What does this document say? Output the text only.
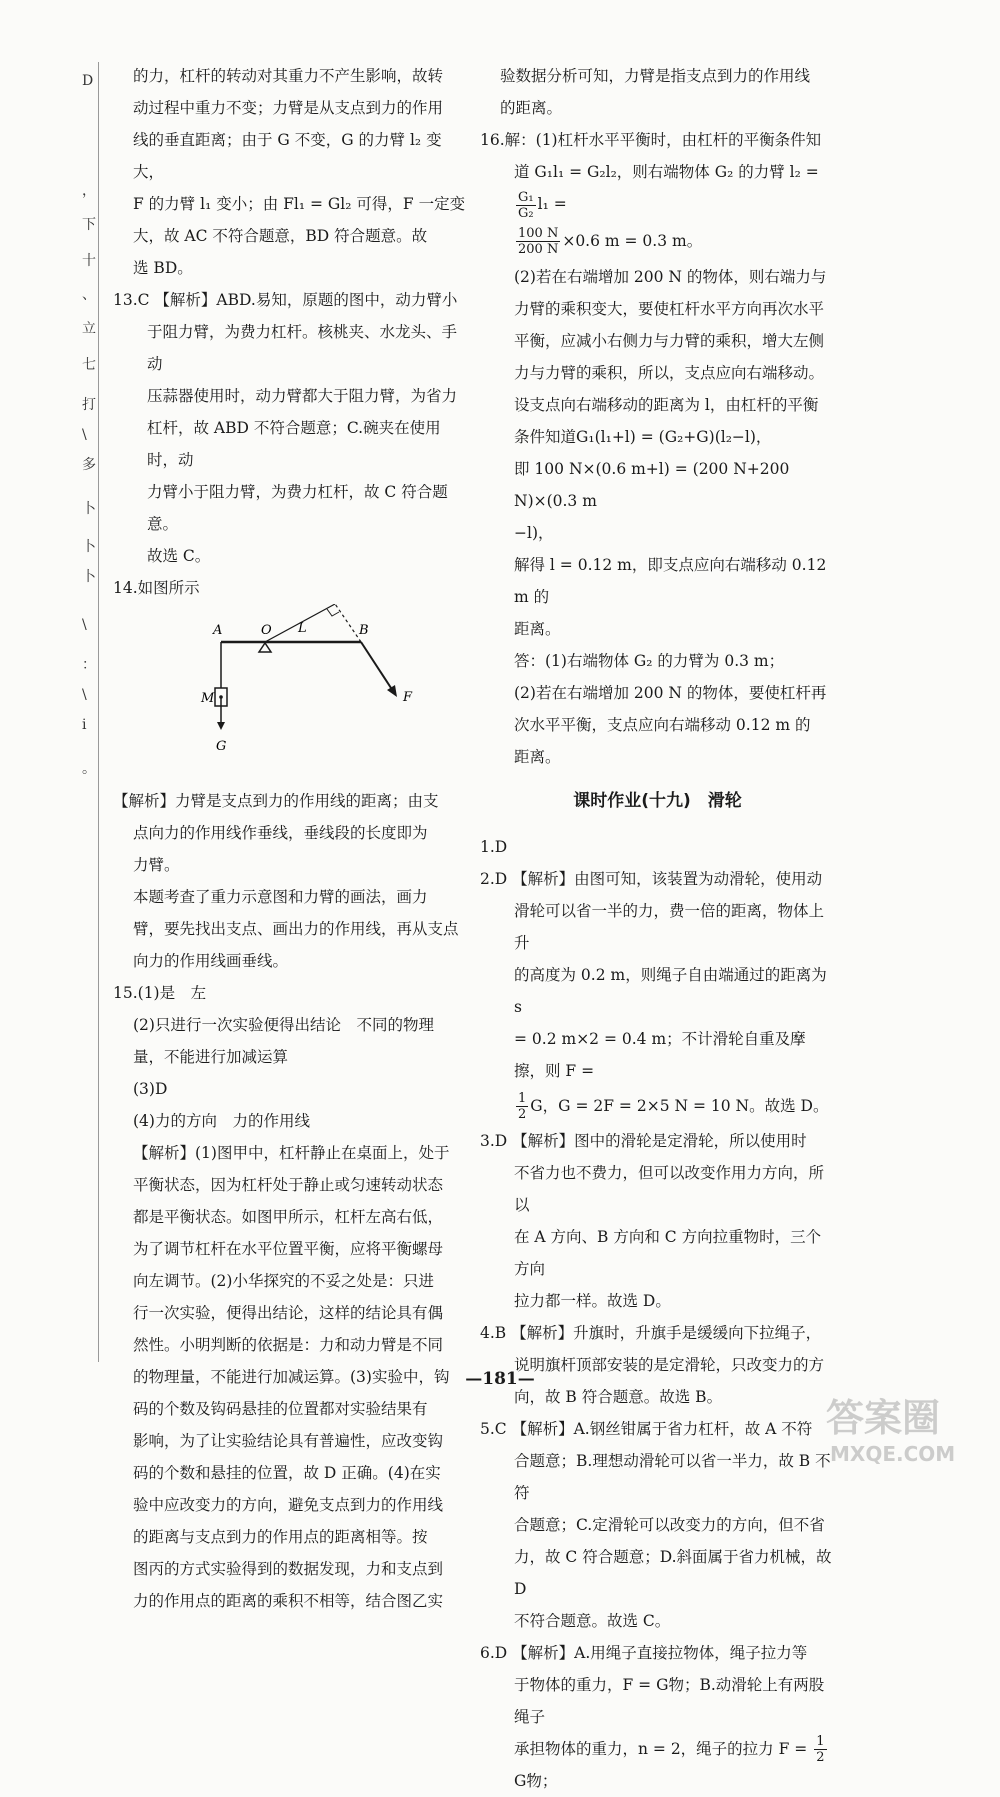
D
，
下
十
、
立
七
打
\
多
卜
卜
卜
\
：
\
i
。

的力，杠杆的转动对其重力不产生影响，故转

动过程中重力不变；力臂是从支点到力的作用

线的垂直距离；由于 G 不变，G 的力臂 l₂ 变大，

F 的力臂 l₁ 变小；由 Fl₁ = Gl₂ 可得，F 一定变

大，故 AC 不符合题意，BD 符合题意。故

选 BD。

13.C 【解析】ABD.易知，原题的图中，动力臂小

于阻力臂，为费力杠杆。核桃夹、水龙头、手动

压蒜器使用时，动力臂都大于阻力臂，为省力

杠杆，故 ABD 不符合题意；C.碗夹在使用时，动

力臂小于阻力臂，为费力杠杆，故 C 符合题意。

故选 C。

14.如图所示

A	O L	B
F
M
G

【解析】力臂是支点到力的作用线的距离；由支

点向力的作用线作垂线，垂线段的长度即为

力臂。

本题考查了重力示意图和力臂的画法，画力

臂，要先找出支点、画出力的作用线，再从支点

向力的作用线画垂线。

15.(1)是　左

(2)只进行一次实验便得出结论　不同的物理

量，不能进行加减运算

(3)D

(4)力的方向　力的作用线

【解析】(1)图甲中，杠杆静止在桌面上，处于

平衡状态，因为杠杆处于静止或匀速转动状态

都是平衡状态。如图甲所示，杠杆左高右低，

为了调节杠杆在水平位置平衡，应将平衡螺母

向左调节。(2)小华探究的不妥之处是：只进

行一次实验，便得出结论，这样的结论具有偶

然性。小明判断的依据是：力和动力臂是不同

的物理量，不能进行加减运算。(3)实验中，钩

码的个数及钩码悬挂的位置都对实验结果有

影响，为了让实验结论具有普遍性，应改变钩

码的个数和悬挂的位置，故 D 正确。(4)在实

验中应改变力的方向，避免支点到力的作用线

的距离与支点到力的作用点的距离相等。按

图丙的方式实验得到的数据发现，力和支点到

力的作用点的距离的乘积不相等，结合图乙实

验数据分析可知，力臂是指支点到力的作用线

的距离。

16.解：(1)杠杆水平平衡时，由杠杆的平衡条件知

道 G₁l₁ = G₂l₂，则右端物体 G₂ 的力臂 l₂ =
$\frac{\text{G₁}}{\text{G₂}} l_1$ =

$\frac{100 N}{200 N} \times 0.6$ m = 0.3 m。

(2)若在右端增加 200 N 的物体，则右端力与

力臂的乘积变大，要使杠杆水平方向再次水平

平衡，应减小右侧力与力臂的乘积，增大左侧

力与力臂的乘积，所以，支点应向右端移动。

设支点向右端移动的距离为 l，由杠杆的平衡

条件知道G₁(l₁+l) = (G₂+G)(l₂−l)，

即 100 N×(0.6 m+l) = (200 N+200 N)×(0.3 m

−l)，

解得 l = 0.12 m，即支点应向右端移动 0.12 m 的

距离。

答：(1)右端物体 G₂ 的力臂为 0.3 m；

(2)若在右端增加 200 N 的物体，要使杠杆再

次水平平衡，支点应向右端移动 0.12 m 的

距离。

课时作业(十九)　滑轮

1.D

2.D 【解析】由图可知，该装置为动滑轮，使用动

滑轮可以省一半的力，费一倍的距离，物体上升

的高度为 0.2 m，则绳子自由端通过的距离为 s

= 0.2 m×2 = 0.4 m；不计滑轮自重及摩擦，则 F =

$\frac{1}{2}$ G，G = 2F = 2×5 N = 10 N。故选 D。

3.D 【解析】图中的滑轮是定滑轮，所以使用时

不省力也不费力，但可以改变作用力方向，所以

在 A 方向、B 方向和 C 方向拉重物时，三个方向

拉力都一样。故选 D。

4.B 【解析】升旗时，升旗手是缓缓向下拉绳子，

说明旗杆顶部安装的是定滑轮，只改变力的方

向，故 B 符合题意。故选 B。

5.C 【解析】A.钢丝钳属于省力杠杆，故 A 不符

合题意；B.理想动滑轮可以省一半力，故 B 不符

合题意；C.定滑轮可以改变力的方向，但不省

力，故 C 符合题意；D.斜面属于省力机械，故 D

不符合题意。故选 C。

6.D 【解析】A.用绳子直接拉物体，绳子拉力等

于物体的重力，F = G物；B.动滑轮上有两股绳子

承担物体的重力，n = 2，绳子的拉力 $F = \frac{1}{2}$
G物；

—181—
答案圈
MXQE.COM
